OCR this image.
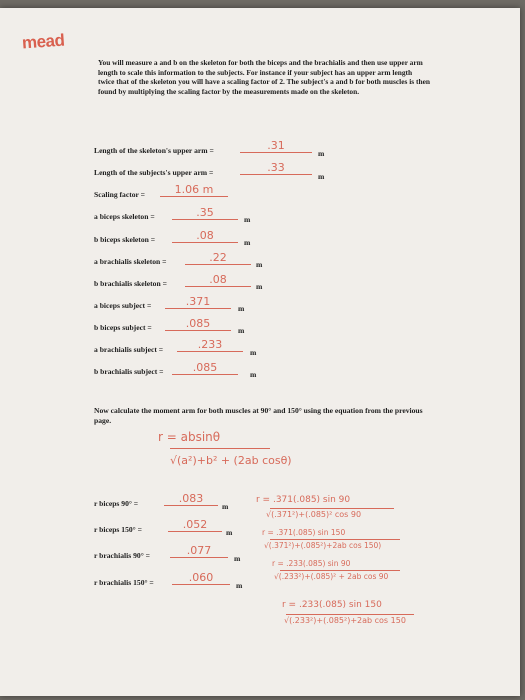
mead

You will measure a and b on the skeleton for both the biceps and the brachialis and then use upper arm length to scale this information to the subjects. For instance if your subject has an upper arm length twice that of the skeleton you will have a scaling factor of 2. The subject's a and b for both muscles is then found by multiplying the scaling factor by the measurements made on the skeleton.

Length of the skeleton's upper arm =	.31
m
Length of the subjects's upper arm =	.33
m
Scaling factor =	1.06 m
a biceps skeleton =	.35
m
b biceps skeleton =	.08
m
a brachialis skeleton =	.22
m
b brachialis skeleton =	.08
m
a biceps subject =	.371
m
b biceps subject =	.085
m
a brachialis subject =	.233
m
b brachialis subject =	.085
m
Now calculate the moment arm for both muscles at 90° and 150° using the equation from the previous page.
r = absinθ
√(a²)+b² + (2ab cosθ)
r biceps 90° =	.083
m
r biceps 150° =	.052
m
r brachialis 90° =	.077
m
r brachialis 150° =	.060
m
r = .371(.085) sin 90
√(.371²)+(.085)² cos 90
r = .371(.085) sin 150
√(.371²)+(.085²)+2ab cos 150)
r = .233(.085) sin 90
√(.233²)+(.085)² + 2ab cos 90
r = .233(.085) sin 150
√(.233²)+(.085²)+2ab cos 150
